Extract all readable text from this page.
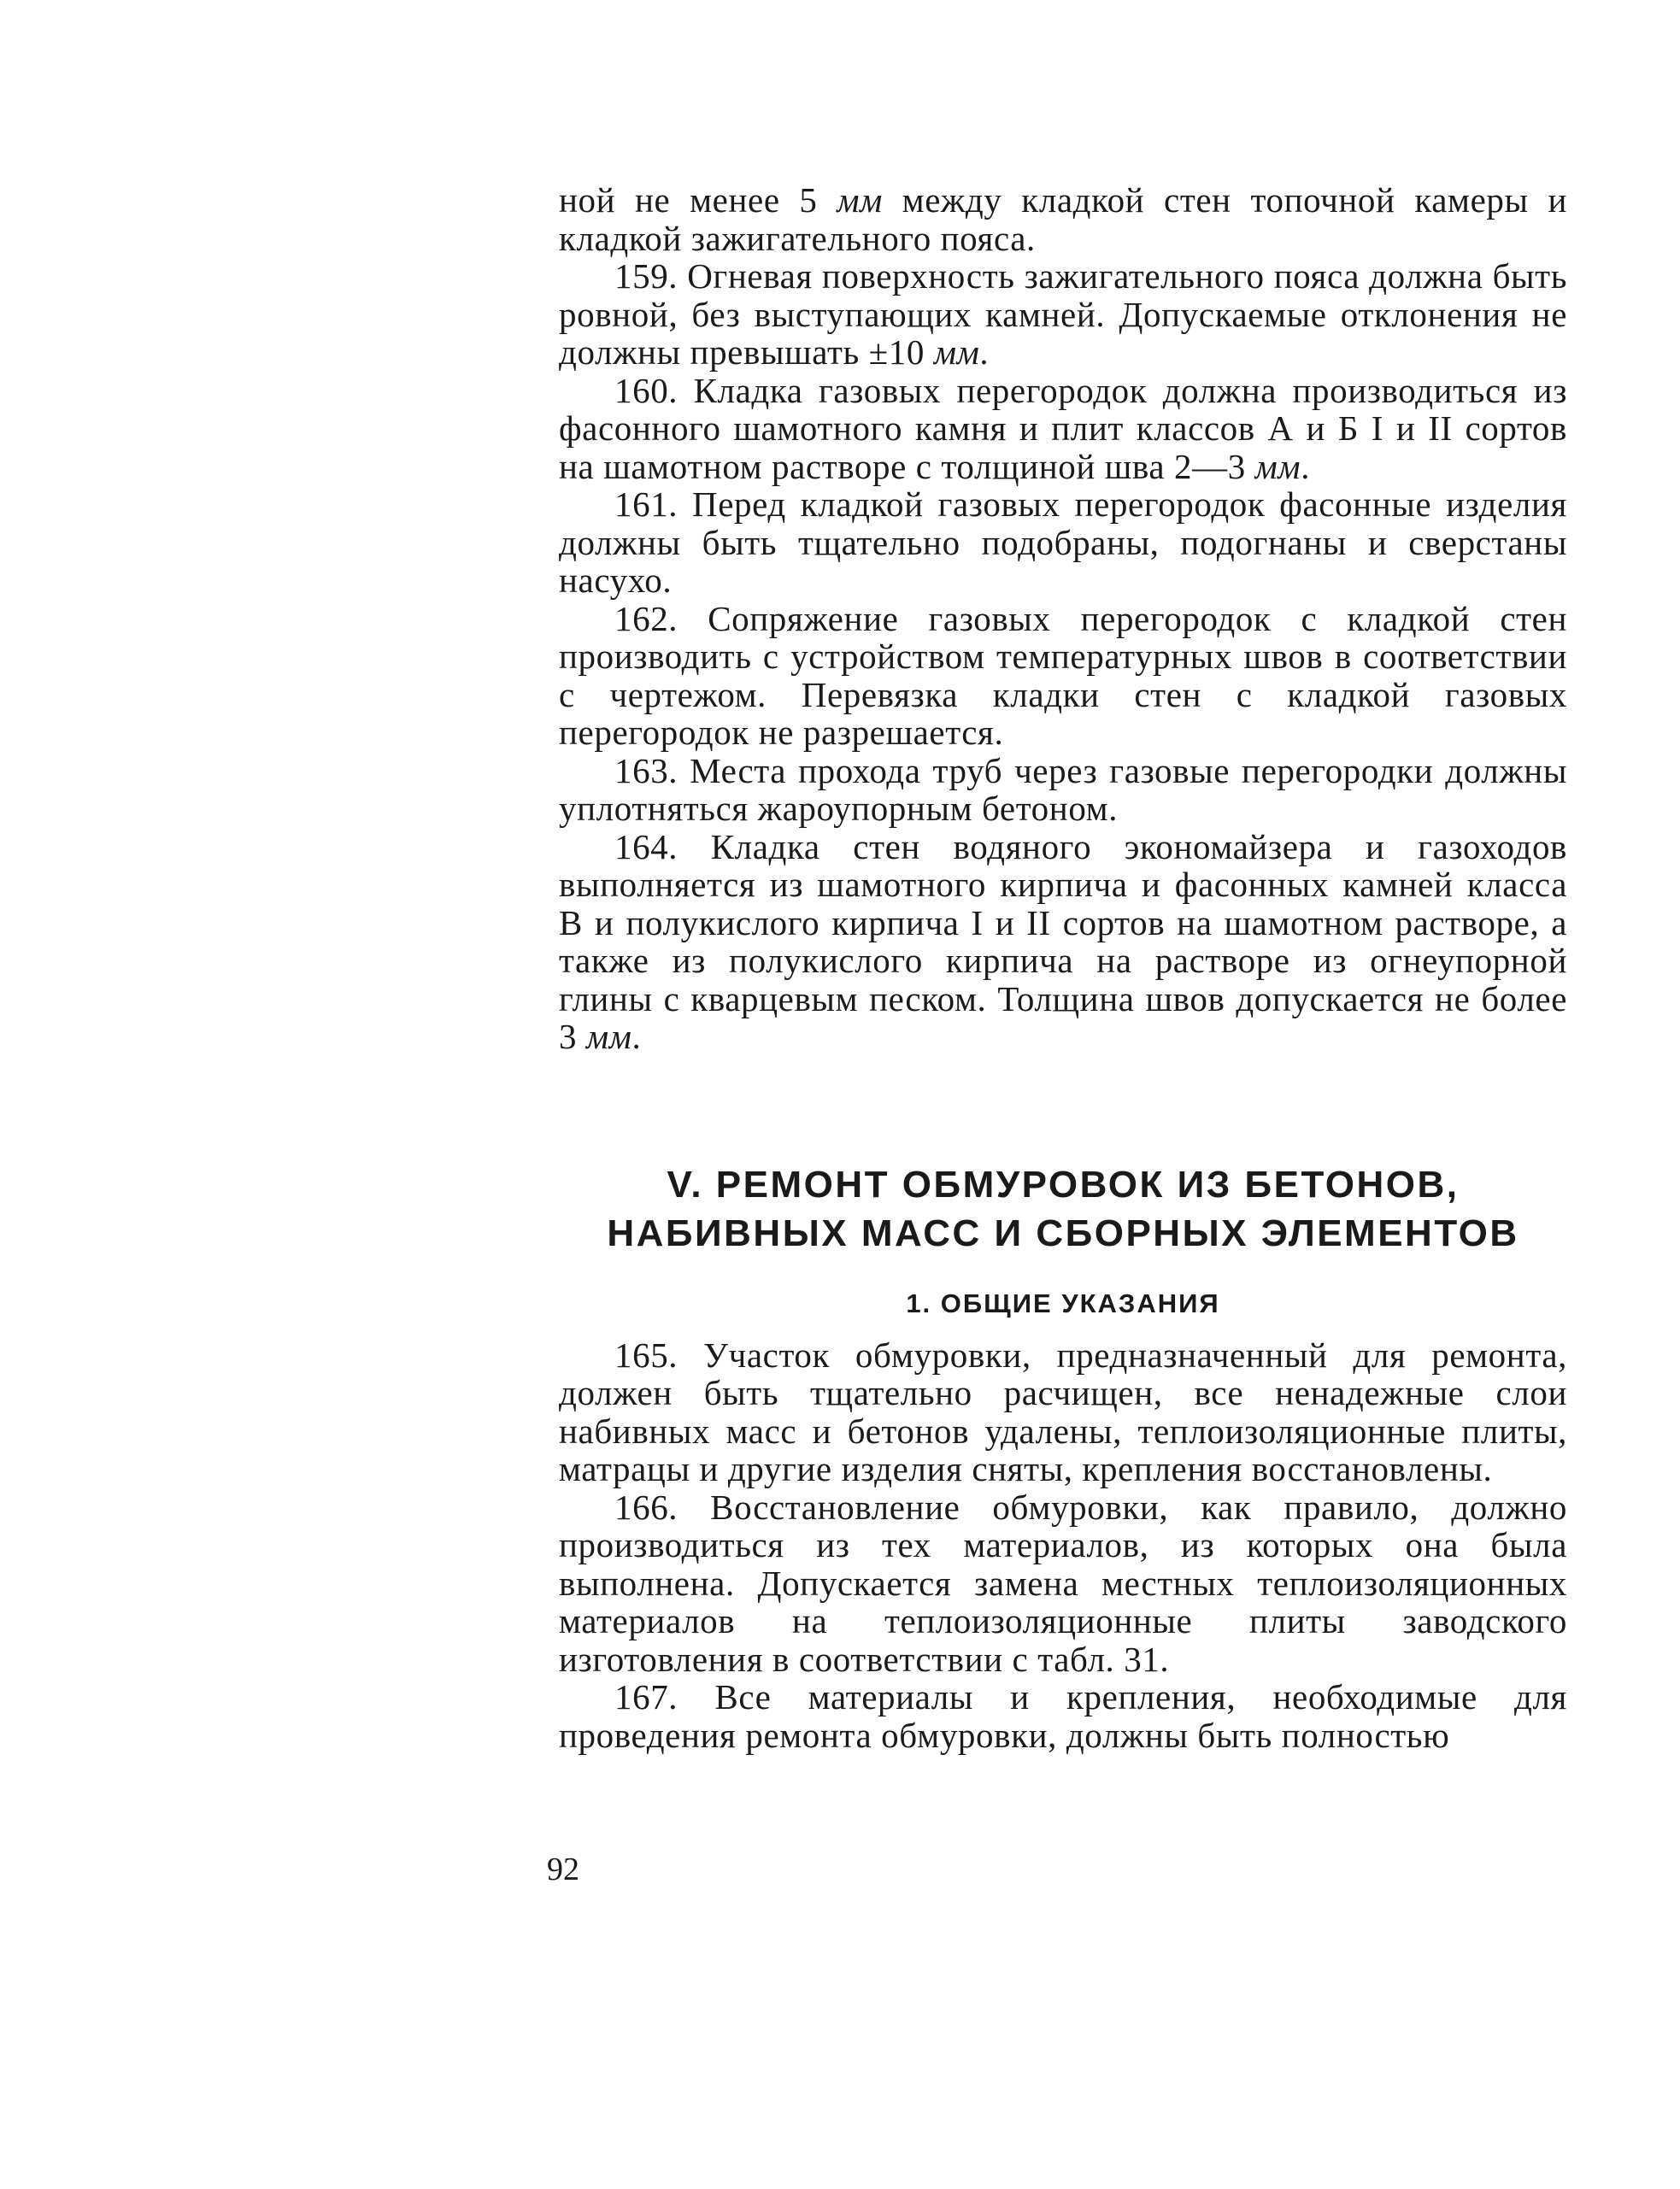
ной не менее 5 мм между кладкой стен топочной камеры и кладкой зажигательного пояса.

159. Огневая поверхность зажигательного пояса должна быть ровной, без выступающих камней. Допускаемые отклонения не должны превышать ±10 мм.

160. Кладка газовых перегородок должна производиться из фасонного шамотного камня и плит классов А и Б I и II сортов на шамотном растворе с толщиной шва 2—3 мм.

161. Перед кладкой газовых перегородок фасонные изделия должны быть тщательно подобраны, подогнаны и сверстаны насухо.

162. Сопряжение газовых перегородок с кладкой стен производить с устройством температурных швов в соответствии с чертежом. Перевязка кладки стен с кладкой газовых перегородок не разрешается.

163. Места прохода труб через газовые перегородки должны уплотняться жароупорным бетоном.

164. Кладка стен водяного экономайзера и газоходов выполняется из шамотного кирпича и фасонных камней класса В и полукислого кирпича I и II сортов на шамотном растворе, а также из полукислого кирпича на растворе из огнеупорной глины с кварцевым песком. Толщина швов допускается не более 3 мм.

V. РЕМОНТ ОБМУРОВОК ИЗ БЕТОНОВ,
НАБИВНЫХ МАСС И СБОРНЫХ ЭЛЕМЕНТОВ
1. ОБЩИЕ УКАЗАНИЯ

165. Участок обмуровки, предназначенный для ремонта, должен быть тщательно расчищен, все ненадежные слои набивных масс и бетонов удалены, теплоизоляционные плиты, матрацы и другие изделия сняты, крепления восстановлены.

166. Восстановление обмуровки, как правило, должно производиться из тех материалов, из которых она была выполнена. Допускается замена местных теплоизоляционных материалов на теплоизоляционные плиты заводского изготовления в соответствии с табл. 31.

167. Все материалы и крепления, необходимые для проведения ремонта обмуровки, должны быть полностью

92
